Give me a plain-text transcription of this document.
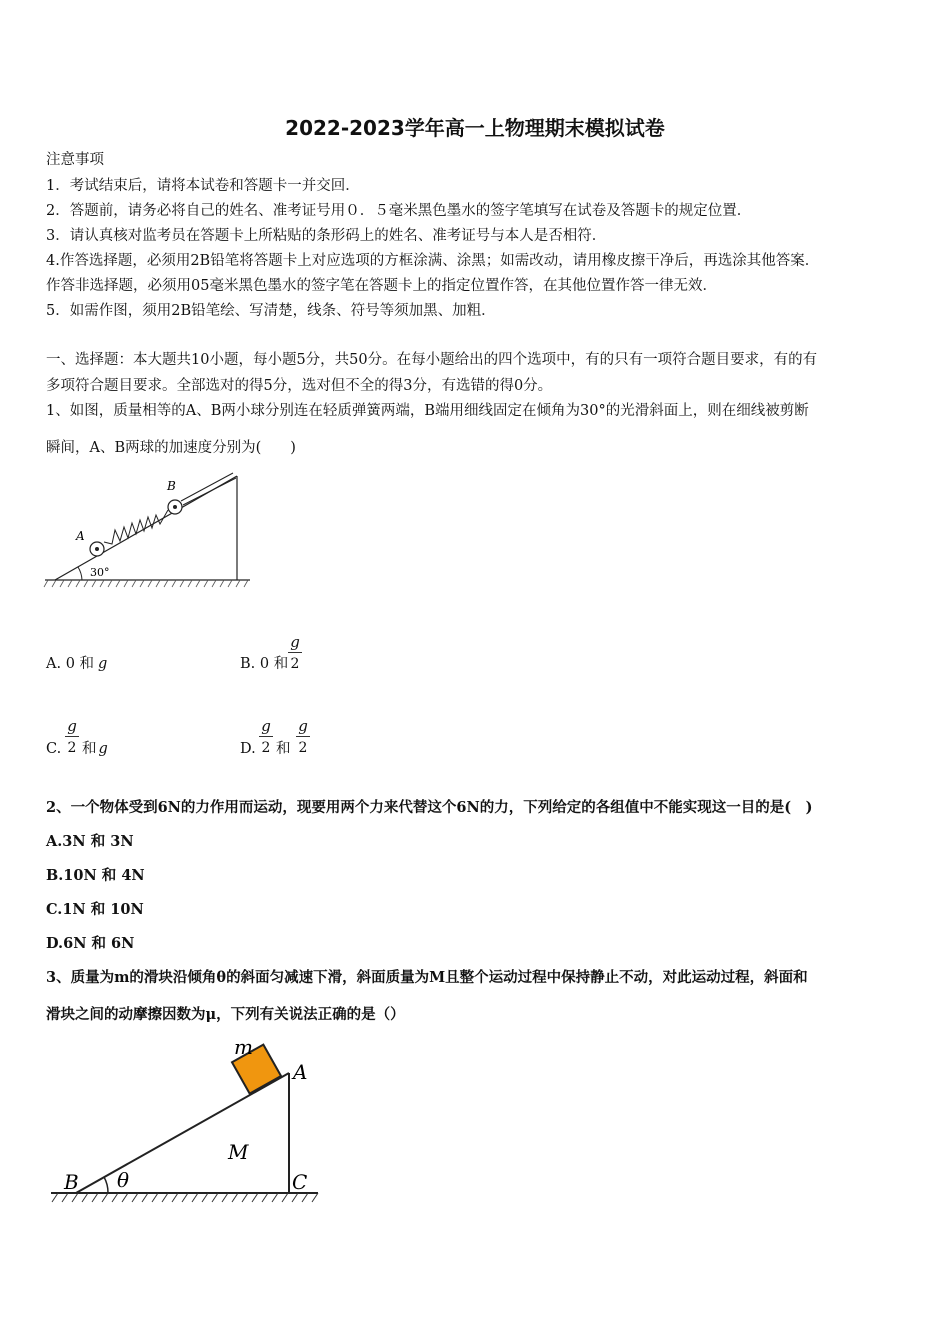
2022-2023学年高一上物理期末模拟试卷
注意事项
1．考试结束后，请将本试卷和答题卡一并交回．
2．答题前，请务必将自己的姓名、准考证号用０．５毫米黑色墨水的签字笔填写在试卷及答题卡的规定位置．
3．请认真核对监考员在答题卡上所粘贴的条形码上的姓名、准考证号与本人是否相符．
4.作答选择题，必须用2B铅笔将答题卡上对应选项的方框涂满、涂黑；如需改动，请用橡皮擦干净后，再选涂其他答案．
作答非选择题，必须用05毫米黑色墨水的签字笔在答题卡上的指定位置作答，在其他位置作答一律无效．
5．如需作图，须用2B铅笔绘、写清楚，线条、符号等须加黑、加粗．
一、选择题：本大题共10小题，每小题5分，共50分。在每小题给出的四个选项中，有的只有一项符合题目要求，有的有
多项符合题目要求。全部选对的得5分，选对但不全的得3分，有选错的得0分。
1、如图，质量相等的A、B两小球分别连在轻质弹簧两端，B端用细线固定在倾角为30°的光滑斜面上，则在细线被剪断
瞬间，A、B两球的加速度分别为(　　)
30°
A
B
A. 0 和 g	B. 0 和 $\frac{g}{2}$
C. $\frac{g}{2}$ 和 g	D. $\frac{g}{2}$ 和 $\frac{g}{2}$
2、一个物体受到6N的力作用而运动，现要用两个力来代替这个6N的力，下列给定的各组值中不能实现这一目的是(　)
A.3N 和 3N
B.10N 和 4N
C.1N 和 10N
D.6N 和 6N
3、质量为m的滑块沿倾角θ的斜面匀减速下滑，斜面质量为M且整个运动过程中保持静止不动，对此运动过程，斜面和
滑块之间的动摩擦因数为μ，下列有关说法正确的是（）
m
A
M
B θ	C
